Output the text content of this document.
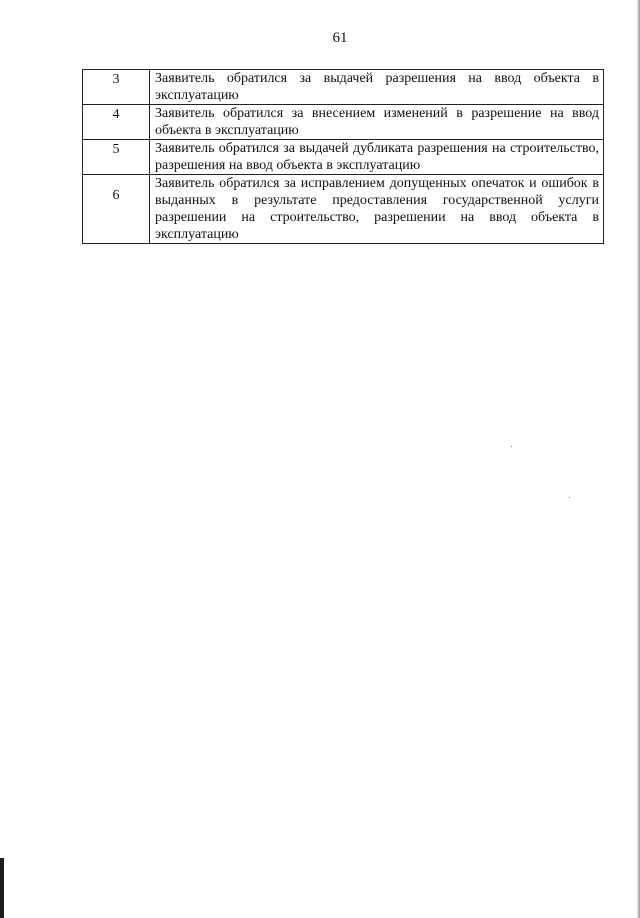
61
3	Заявитель обратился за выдачей разрешения на ввод объекта в эксплуатацию
4	Заявитель обратился за внесением изменений в разрешение на ввод объекта в эксплуатацию
5	Заявитель обратился за выдачей дубликата разрешения на строительство, разрешения на ввод объекта в эксплуатацию
6	Заявитель обратился за исправлением допущенных опечаток и ошибок в выданных в результате предоставления государственной услуги разрешении на строительство, разрешении на ввод объекта в эксплуатацию
